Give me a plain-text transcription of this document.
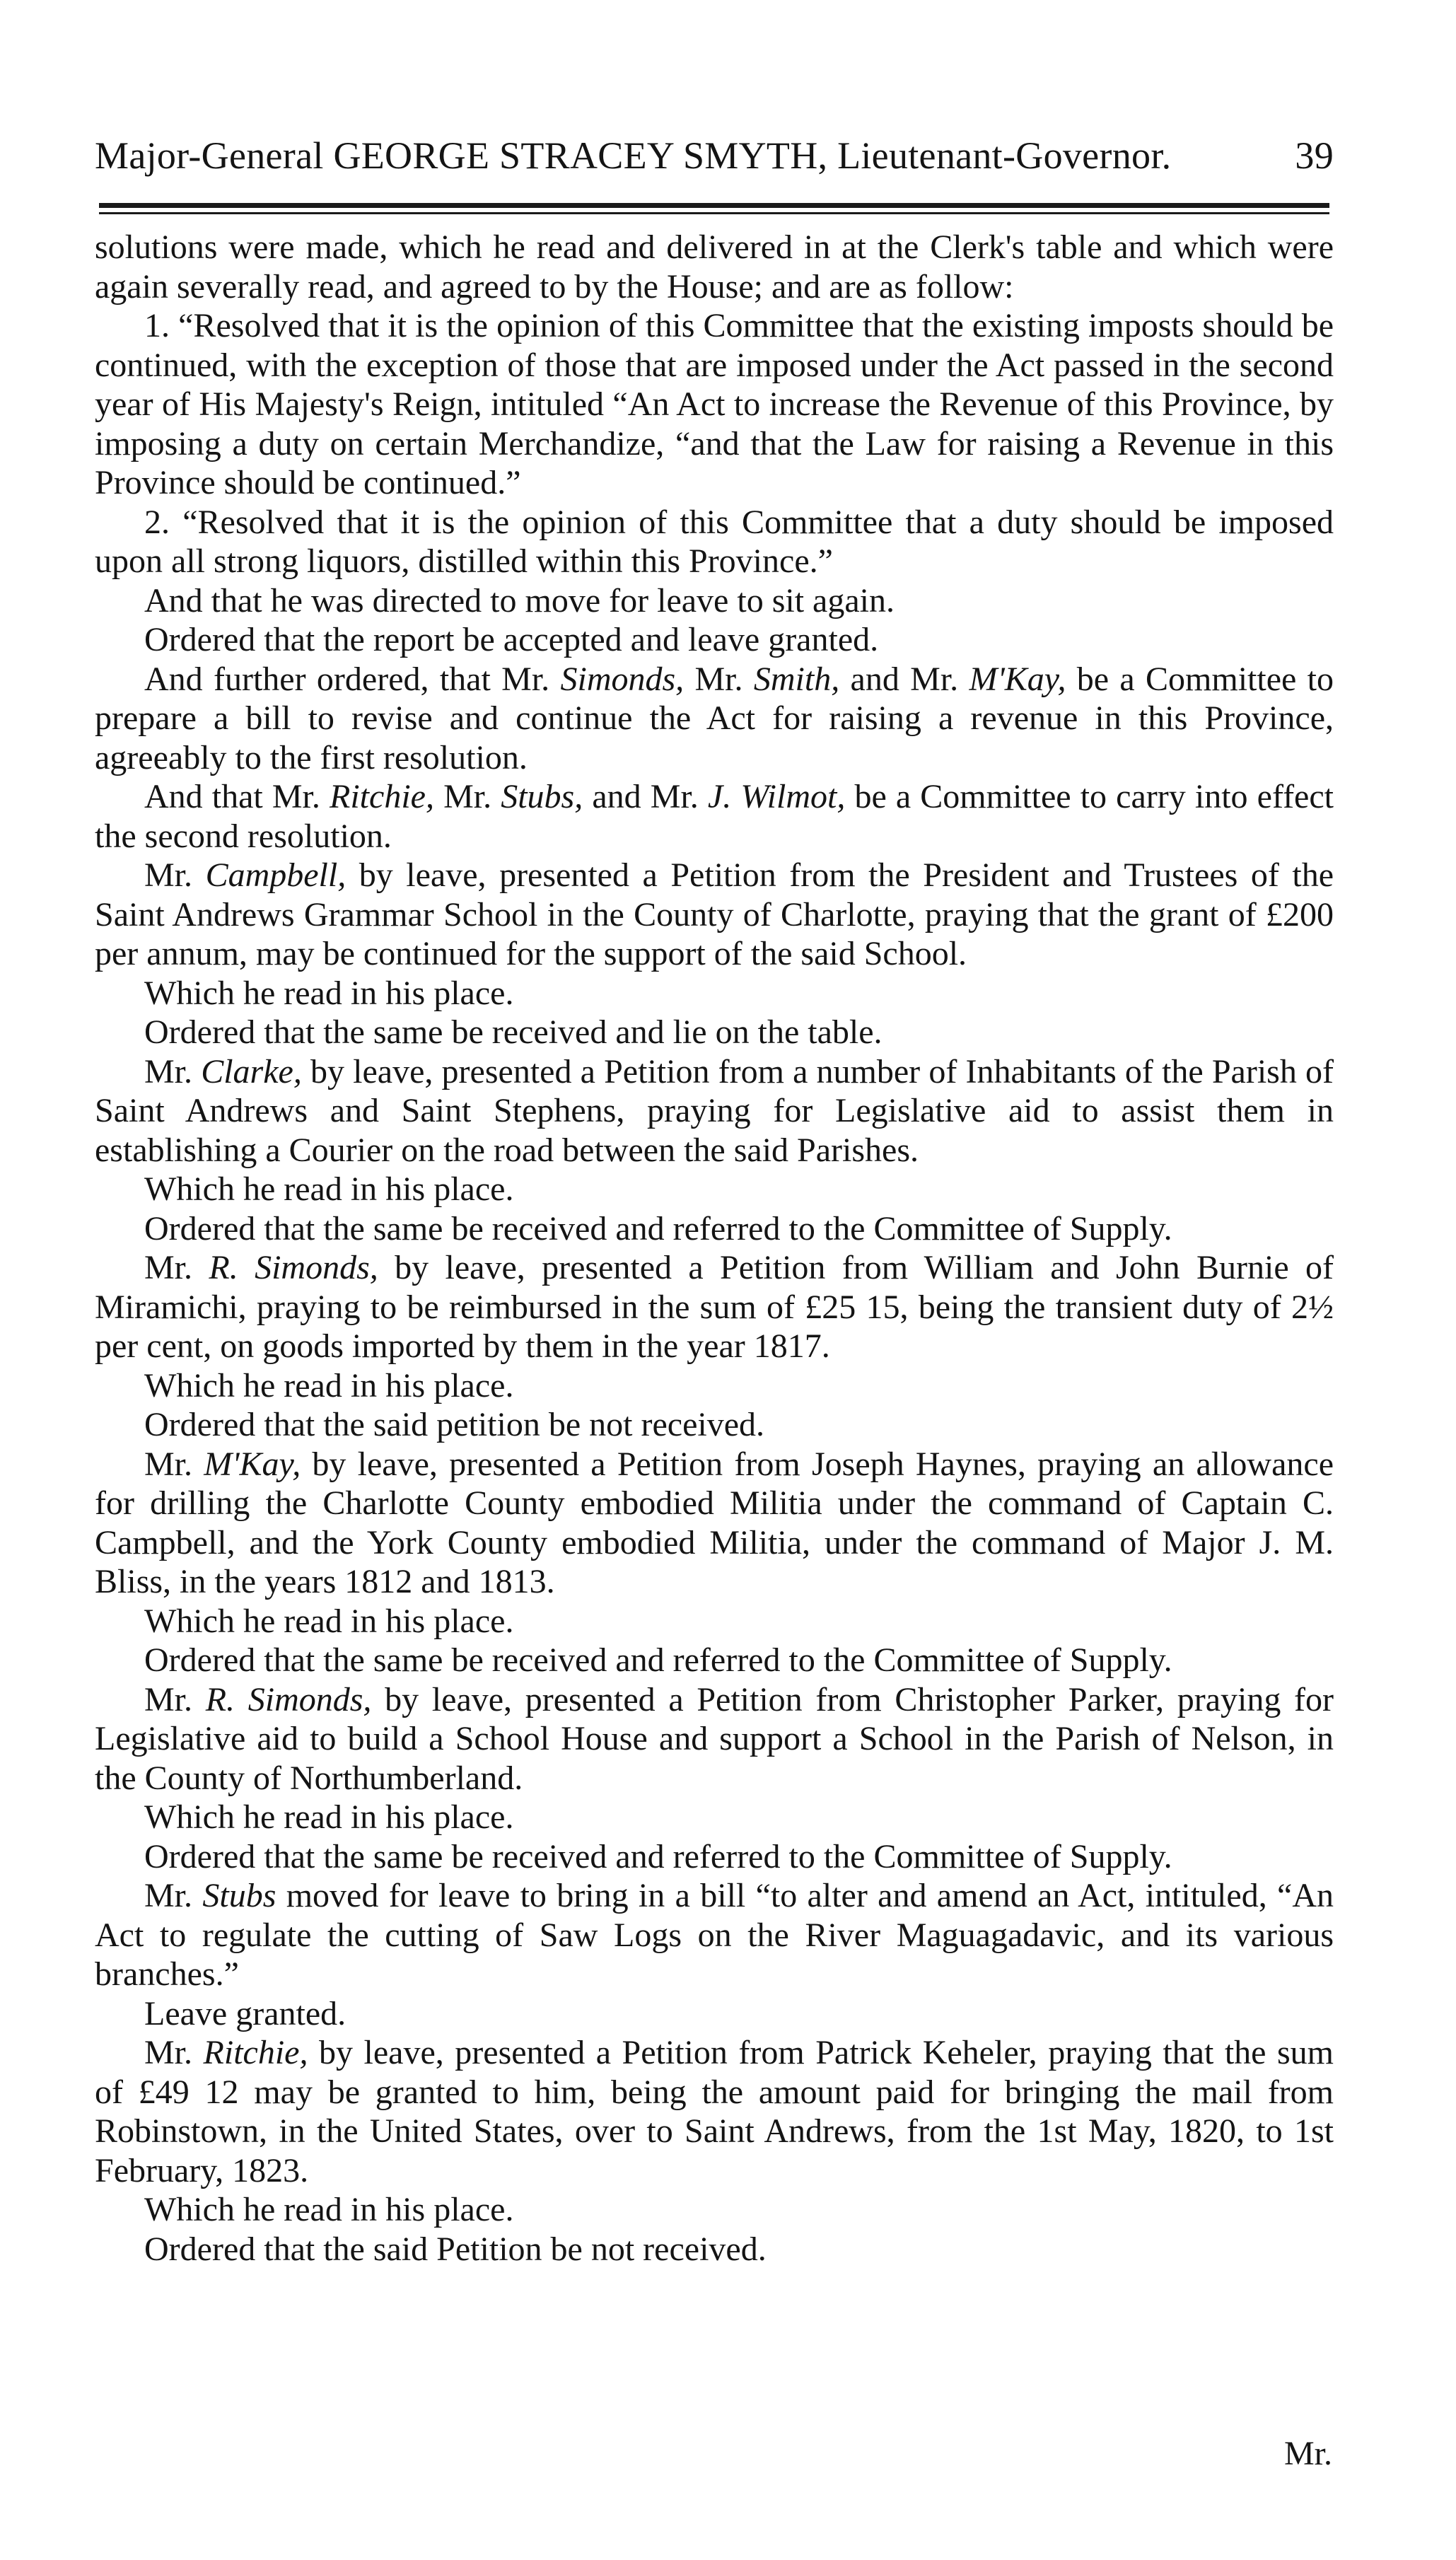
Major-General GEORGE STRACEY SMYTH, Lieutenant-Governor.	39

solutions were made, which he read and delivered in at the Clerk's table and which were again severally read, and agreed to by the House; and are as follow:

1. “Resolved that it is the opinion of this Committee that the existing imposts should be continued, with the exception of those that are imposed under the Act passed in the second year of His Majesty's Reign, intituled “An Act to increase the Revenue of this Province, by imposing a duty on certain Merchandize, “and that the Law for raising a Revenue in this Province should be continued.”

2. “Resolved that it is the opinion of this Committee that a duty should be imposed upon all strong liquors, distilled within this Province.”

And that he was directed to move for leave to sit again.

Ordered that the report be accepted and leave granted.

And further ordered, that Mr. Simonds, Mr. Smith, and Mr. M'Kay, be a Committee to prepare a bill to revise and continue the Act for raising a revenue in this Province, agreeably to the first resolution.

And that Mr. Ritchie, Mr. Stubs, and Mr. J. Wilmot, be a Committee to carry into effect the second resolution.

Mr. Campbell, by leave, presented a Petition from the President and Trustees of the Saint Andrews Grammar School in the County of Charlotte, praying that the grant of £200 per annum, may be continued for the support of the said School.

Which he read in his place.

Ordered that the same be received and lie on the table.

Mr. Clarke, by leave, presented a Petition from a number of Inhabitants of the Parish of Saint Andrews and Saint Stephens, praying for Legislative aid to assist them in establishing a Courier on the road between the said Parishes.

Which he read in his place.

Ordered that the same be received and referred to the Committee of Supply.

Mr. R. Simonds, by leave, presented a Petition from William and John Burnie of Miramichi, praying to be reimbursed in the sum of £25 15, being the transient duty of 2½ per cent, on goods imported by them in the year 1817.

Which he read in his place.

Ordered that the said petition be not received.

Mr. M'Kay, by leave, presented a Petition from Joseph Haynes, praying an allowance for drilling the Charlotte County embodied Militia under the command of Captain C. Campbell, and the York County embodied Militia, under the command of Major J. M. Bliss, in the years 1812 and 1813.

Which he read in his place.

Ordered that the same be received and referred to the Committee of Supply.

Mr. R. Simonds, by leave, presented a Petition from Christopher Parker, praying for Legislative aid to build a School House and support a School in the Parish of Nelson, in the County of Northumberland.

Which he read in his place.

Ordered that the same be received and referred to the Committee of Supply.

Mr. Stubs moved for leave to bring in a bill “to alter and amend an Act, intituled, “An Act to regulate the cutting of Saw Logs on the River Maguagadavic, and its various branches.”

Leave granted.

Mr. Ritchie, by leave, presented a Petition from Patrick Keheler, praying that the sum of £49 12 may be granted to him, being the amount paid for bringing the mail from Robinstown, in the United States, over to Saint Andrews, from the 1st May, 1820, to 1st February, 1823.

Which he read in his place.

Ordered that the said Petition be not received.

Mr.
